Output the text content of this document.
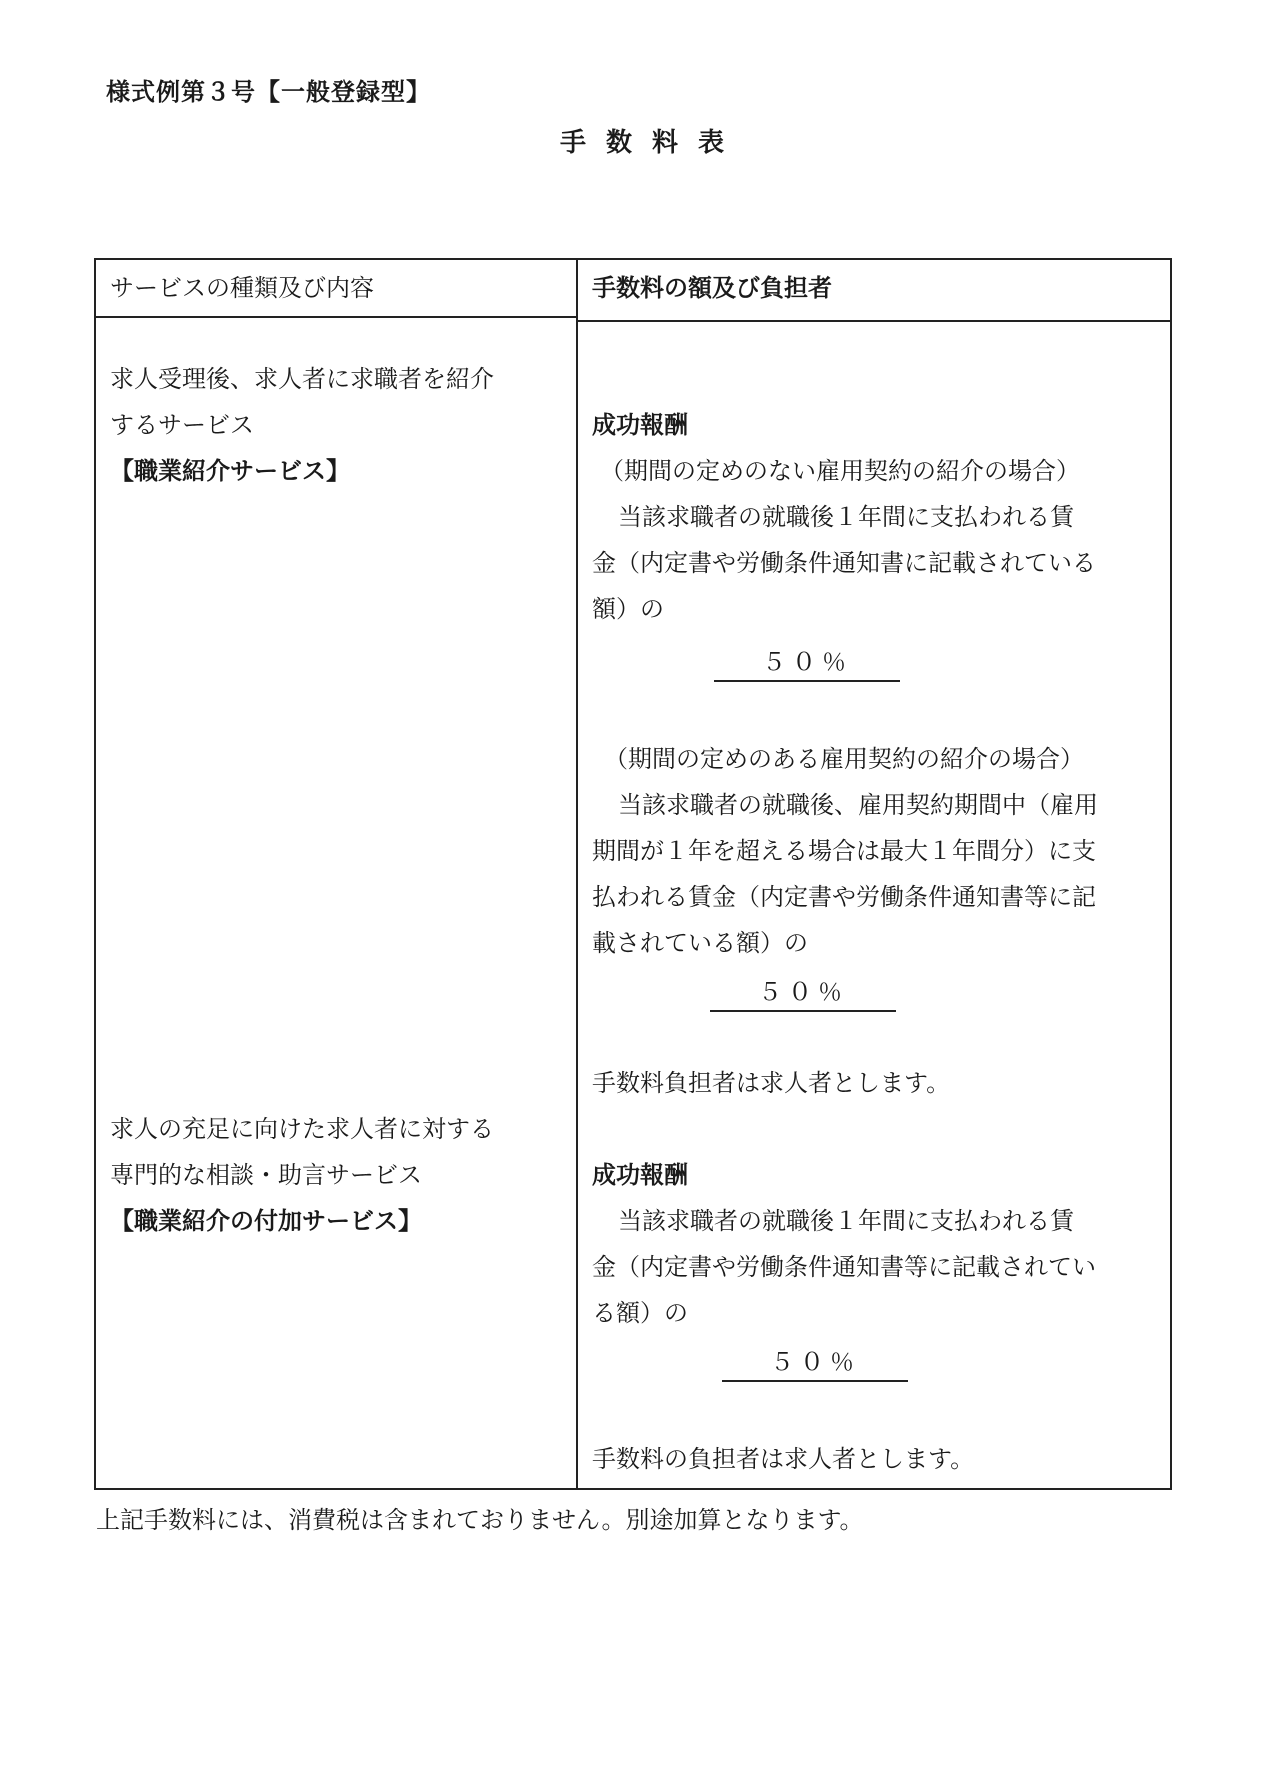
様式例第３号【一般登録型】
手数料表
サービスの種類及び内容	手数料の額及び負担者
求人受理後、求人者に求職者を紹介
するサービス
【職業紹介サービス】
成功報酬
（期間の定めのない雇用契約の紹介の場合）
当該求職者の就職後１年間に支払われる賃
金（内定書や労働条件通知書に記載されている
額）の
５０％
（期間の定めのある雇用契約の紹介の場合）
当該求職者の就職後、雇用契約期間中（雇用
期間が１年を超える場合は最大１年間分）に支
払われる賃金（内定書や労働条件通知書等に記
載されている額）の
５０％
手数料負担者は求人者とします。
求人の充足に向けた求人者に対する
専門的な相談・助言サービス
【職業紹介の付加サービス】
成功報酬
当該求職者の就職後１年間に支払われる賃
金（内定書や労働条件通知書等に記載されてい
る額）の
５０％
手数料の負担者は求人者とします。
上記手数料には、消費税は含まれておりません。別途加算となります。
